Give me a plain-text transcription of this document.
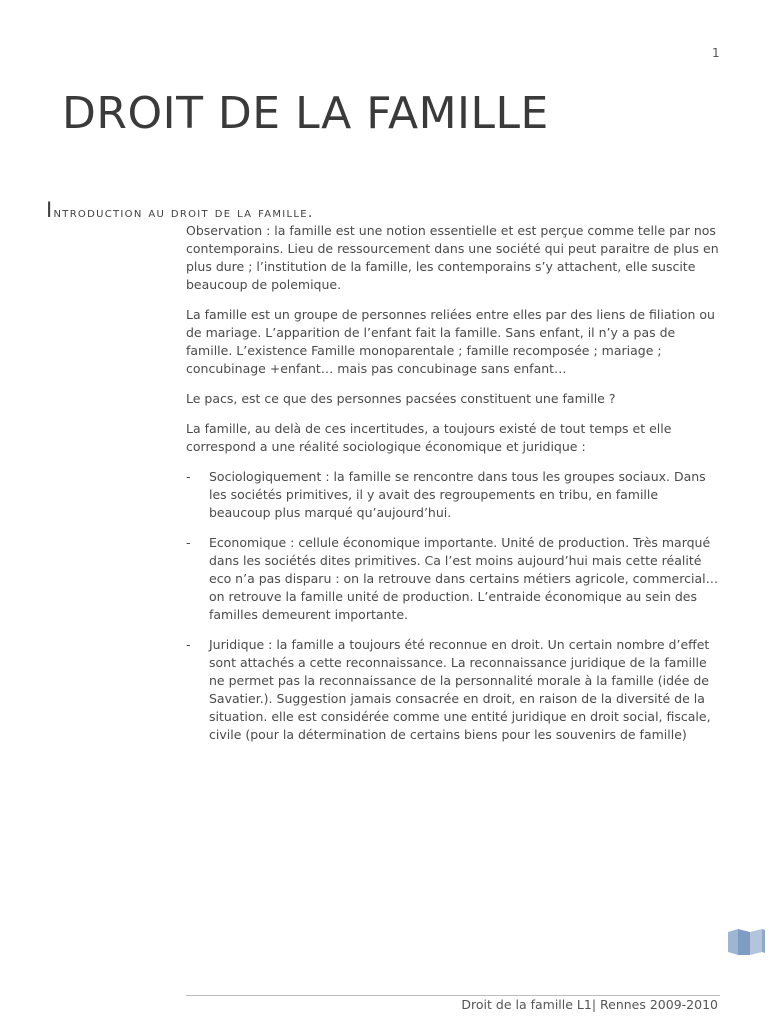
1
DROIT DE LA FAMILLE
Introduction au droit de la famille.

Observation : la famille est une notion essentielle et est perçue comme telle par nos contemporains. Lieu de ressourcement dans une société qui peut paraitre de plus en plus dure ; l’institution de la famille, les contemporains s’y attachent, elle suscite beaucoup de polemique.

La famille est un groupe de personnes reliées entre elles par des liens de filiation ou de mariage. L’apparition de l’enfant fait la famille. Sans enfant, il n’y a pas de famille. L’existence Famille monoparentale ; famille recomposée ; mariage ; concubinage +enfant… mais pas concubinage sans enfant…

Le pacs, est ce que des personnes pacsées constituent une famille ?

La famille, au delà de ces incertitudes, a toujours existé de tout temps et elle correspond a une réalité sociologique économique et juridique :

- Sociologiquement : la famille se rencontre dans tous les groupes sociaux. Dans les sociétés primitives, il y avait des regroupements en tribu, en famille beaucoup plus marqué qu’aujourd’hui.
- Economique : cellule économique importante. Unité de production. Très marqué dans les sociétés dites primitives. Ca l’est moins aujourd’hui mais cette réalité eco n’a pas disparu : on la retrouve dans certains métiers agricole, commercial… on retrouve la famille unité de production. L’entraide économique au sein des familles demeurent importante.
- Juridique : la famille a toujours été reconnue en droit. Un certain nombre d’effet sont attachés a cette reconnaissance. La reconnaissance juridique de la famille ne permet pas la reconnaissance de la personnalité morale à la famille (idée de Savatier.). Suggestion jamais consacrée en droit, en raison de la diversité de la situation. elle est considérée comme une entité juridique en droit social, fiscale, civile (pour la détermination de certains biens pour les souvenirs de famille)
Droit de la famille L1| Rennes 2009-2010
